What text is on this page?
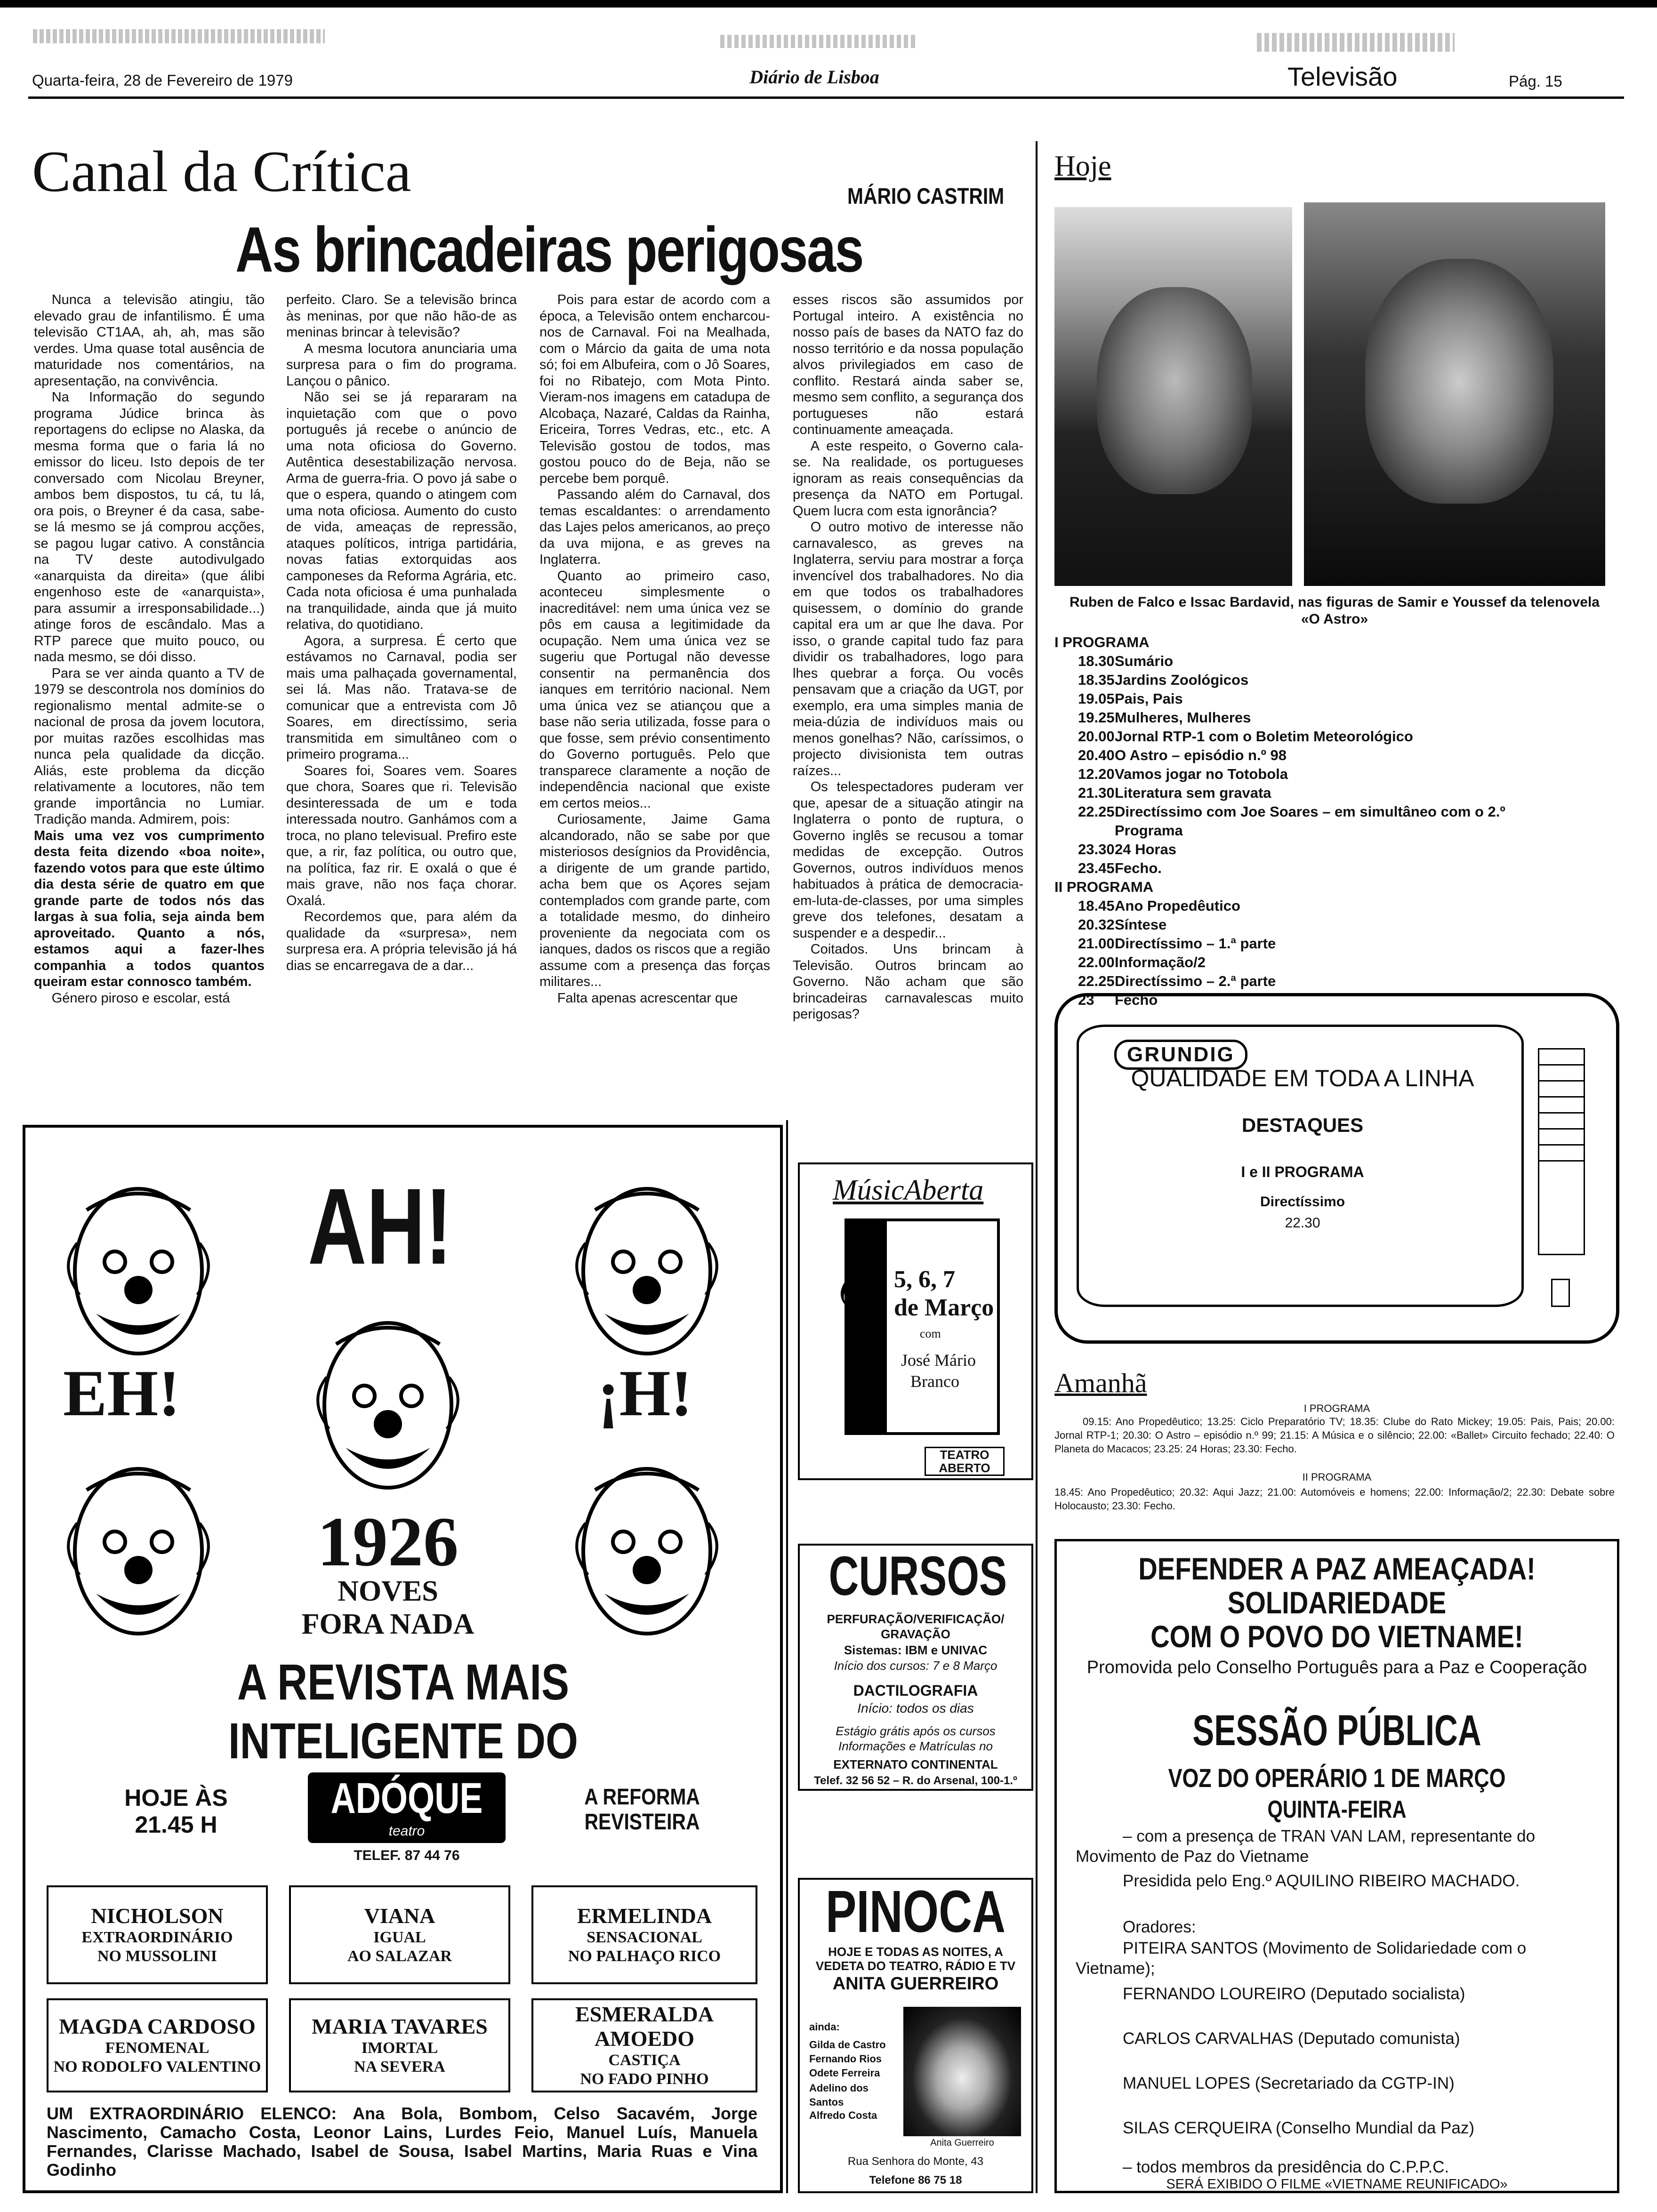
Quarta-feira, 28 de Fevereiro de 1979	Diário de Lisboa	Televisão	Pág. 15
Canal da Crítica	MÁRIO CASTRIM
As brincadeiras perigosas

Nunca a televisão atingiu, tão elevado grau de infantilismo. É uma televisão CT1AA, ah, ah, mas são verdes. Uma quase total ausência de maturidade nos comentários, na apresentação, na convivência.

Na Informação do segundo programa Júdice brinca às reportagens do eclipse no Alaska, da mesma forma que o faria lá no emissor do liceu. Isto depois de ter conversado com Nicolau Breyner, ambos bem dispostos, tu cá, tu lá, ora pois, o Breyner é da casa, sabe-se lá mesmo se já comprou acções, se pagou lugar cativo. A constância na TV deste autodivulgado «anarquista da direita» (que álibi engenhoso este de «anarquista», para assumir a irresponsabilidade...) atinge foros de escândalo. Mas a RTP parece que muito pouco, ou nada mesmo, se dói disso.

Para se ver ainda quanto a TV de 1979 se descontrola nos domínios do regionalismo mental admite-se o nacional de prosa da jovem locutora, por muitas razões escolhidas mas nunca pela qualidade da dicção. Aliás, este problema da dicção relativamente a locutores, não tem grande importância no Lumiar. Tradição manda. Admirem, pois:

Mais uma vez vos cumprimento desta feita dizendo «boa noite», fazendo votos para que este último dia desta série de quatro em que grande parte de todos nós das largas à sua folia, seja ainda bem aproveitado. Quanto a nós, estamos aqui a fazer-lhes companhia a todos quantos queiram estar connosco também.

Género piroso e escolar, está

perfeito. Claro. Se a televisão brinca às meninas, por que não hão-de as meninas brincar à televisão?

A mesma locutora anunciaria uma surpresa para o fim do programa. Lançou o pânico.

Não sei se já repararam na inquietação com que o povo português já recebe o anúncio de uma nota oficiosa do Governo. Autêntica desestabilização nervosa. Arma de guerra-fria. O povo já sabe o que o espera, quando o atingem com uma nota oficiosa. Aumento do custo de vida, ameaças de repressão, ataques políticos, intriga partidária, novas fatias extorquidas aos camponeses da Reforma Agrária, etc. Cada nota oficiosa é uma punhalada na tranquilidade, ainda que já muito relativa, do quotidiano.

Agora, a surpresa. É certo que estávamos no Carnaval, podia ser mais uma palhaçada governamental, sei lá. Mas não. Tratava-se de comunicar que a entrevista com Jô Soares, em directíssimo, seria transmitida em simultâneo com o primeiro programa...

Soares foi, Soares vem. Soares que chora, Soares que ri. Televisão desinteressada de um e toda interessada noutro. Ganhámos com a troca, no plano televisual. Prefiro este que, a rir, faz política, ou outro que, na política, faz rir. E oxalá o que é mais grave, não nos faça chorar. Oxalá.

Recordemos que, para além da qualidade da «surpresa», nem surpresa era. A própria televisão já há dias se encarregava de a dar...

Pois para estar de acordo com a época, a Televisão ontem encharcou-nos de Carnaval. Foi na Mealhada, com o Márcio da gaita de uma nota só; foi em Albufeira, com o Jô Soares, foi no Ribatejo, com Mota Pinto. Vieram-nos imagens em catadupa de Alcobaça, Nazaré, Caldas da Rainha, Ericeira, Torres Vedras, etc., etc. A Televisão gostou de todos, mas gostou pouco do de Beja, não se percebe bem porquê.

Passando além do Carnaval, dos temas escaldantes: o arrendamento das Lajes pelos americanos, ao preço da uva mijona, e as greves na Inglaterra.

Quanto ao primeiro caso, aconteceu simplesmente o inacreditável: nem uma única vez se pôs em causa a legitimidade da ocupação. Nem uma única vez se sugeriu que Portugal não devesse consentir na permanência dos ianques em território nacional. Nem uma única vez se atiançou que a base não seria utilizada, fosse para o que fosse, sem prévio consentimento do Governo português. Pelo que transparece claramente a noção de independência nacional que existe em certos meios...

Curiosamente, Jaime Gama alcandorado, não se sabe por que misteriosos desígnios da Providência, a dirigente de um grande partido, acha bem que os Açores sejam contemplados com grande parte, com a totalidade mesmo, do dinheiro proveniente da negociata com os ianques, dados os riscos que a região assume com a presença das forças militares...

Falta apenas acrescentar que

esses riscos são assumidos por Portugal inteiro. A existência no nosso país de bases da NATO faz do nosso território e da nossa população alvos privilegiados em caso de conflito. Restará ainda saber se, mesmo sem conflito, a segurança dos portugueses não estará continuamente ameaçada.

A este respeito, o Governo cala-se. Na realidade, os portugueses ignoram as reais consequências da presença da NATO em Portugal. Quem lucra com esta ignorância?

O outro motivo de interesse não carnavalesco, as greves na Inglaterra, serviu para mostrar a força invencível dos trabalhadores. No dia em que todos os trabalhadores quisessem, o domínio do grande capital era um ar que lhe dava. Por isso, o grande capital tudo faz para dividir os trabalhadores, logo para lhes quebrar a força. Ou vocês pensavam que a criação da UGT, por exemplo, era uma simples mania de meia-dúzia de indivíduos mais ou menos gonelhas? Não, caríssimos, o projecto divisionista tem outras raízes...

Os telespectadores puderam ver que, apesar de a situação atingir na Inglaterra o ponto de ruptura, o Governo inglês se recusou a tomar medidas de excepção. Outros Governos, outros indivíduos menos habituados à prática de democracia-em-luta-de-classes, por uma simples greve dos telefones, desatam a suspender e a despedir...

Coitados. Uns brincam à Televisão. Outros brincam ao Governo. Não acham que são brincadeiras carnavalescas muito perigosas?

Hoje
Ruben de Falco e Issac Bardavid, nas figuras de Samir e Youssef da telenovela «O Astro»
I PROGRAMA
18.30 Sumário
18.35 Jardins Zoológicos
19.05 Pais, Pais
19.25 Mulheres, Mulheres
20.00 Jornal RTP-1 com o Boletim Meteorológico
20.40 O Astro – episódio n.º 98
12.20 Vamos jogar no Totobola
21.30 Literatura sem gravata
22.25 Directíssimo com Joe Soares – em simultâneo com o 2.º Programa
23.30 24 Horas
23.45 Fecho.
II PROGRAMA
18.45 Ano Propedêutico
20.32 Síntese
21.00 Directíssimo – 1.ª parte
22.00 Informação/2
22.25 Directíssimo – 2.ª parte
23	Fecho
GRUNDIG
QUALIDADE EM TODA A LINHA
DESTAQUES
I e II PROGRAMA
Directíssimo
22.30
Amanhã
I PROGRAMA
09.15: Ano Propedêutico; 13.25: Ciclo Preparatório TV; 18.35: Clube do Rato Mickey; 19.05: Pais, Pais; 20.00: Jornal RTP-1; 20.30: O Astro – episódio n.º 99; 21.15: A Música e o silêncio; 22.00: «Ballet» Circuito fechado; 22.40: O Planeta do Macacos; 23.25: 24 Horas; 23.30: Fecho.
II PROGRAMA
18.45: Ano Propedêutico; 20.32: Aqui Jazz; 21.00: Automóveis e homens; 22.00: Informação/2; 22.30: Debate sobre Holocausto; 23.30: Fecho.
DEFENDER A PAZ AMEAÇADA!
SOLIDARIEDADE
COM O POVO DO VIETNAME!
Promovida pelo Conselho Português para a Paz e Cooperação
SESSÃO PÚBLICA
VOZ DO OPERÁRIO 1 DE MARÇO
QUINTA-FEIRA
– com a presença de TRAN VAN LAM, representante do Movimento de Paz do Vietname
Presidida pelo Eng.º AQUILINO RIBEIRO MACHADO.
Oradores:
PITEIRA SANTOS (Movimento de Solidariedade com o Vietname);
FERNANDO LOUREIRO (Deputado socialista)
CARLOS CARVALHAS (Deputado comunista)
MANUEL LOPES (Secretariado da CGTP-IN)
SILAS CERQUEIRA (Conselho Mundial da Paz)
– todos membros da presidência do C.P.P.C.
SERÁ EXIBIDO O FILME «VIETNAME REUNIFICADO»
AH!
EH!	¡H!
1926
NOVES
FORA NADA
A REVISTA MAIS
INTELIGENTE DO
HOJE ÀS
21.45 H
ADÓQUE
teatro
TELEF. 87 44 76
A REFORMA
REVISTEIRA
NICHOLSON
EXTRAORDINÁRIO
NO MUSSOLINI
VIANA
IGUAL
AO SALAZAR
ERMELINDA
SENSACIONAL
NO PALHAÇO RICO
MAGDA CARDOSO
FENOMENAL
NO RODOLFO VALENTINO
MARIA TAVARES
IMORTAL
NA SEVERA
ESMERALDA AMOEDO
CASTIÇA
NO FADO PINHO
UM EXTRAORDINÁRIO ELENCO: Ana Bola, Bombom, Celso Sacavém, Jorge Nascimento, Camacho Costa, Leonor Lains, Lurdes Feio, Manuel Luís, Manuela Fernandes, Clarisse Machado, Isabel de Sousa, Isabel Martins, Maria Ruas e Vina Godinho
MúsicAberta
𝄞 5, 6, 7
de Março
com
José Mário
Branco
TEATRO ABERTO
CURSOS
PERFURAÇÃO/VERIFICAÇÃO/ GRAVAÇÃO
Sistemas: IBM e UNIVAC
Início dos cursos: 7 e 8 Março
DACTILOGRAFIA
Início: todos os dias
Estágio grátis após os cursos Informações e Matrículas no
EXTERNATO CONTINENTAL
Telef. 32 56 52 – R. do Arsenal, 100-1.º
PINOCA
HOJE E TODAS AS NOITES, A VEDETA DO TEATRO, RÁDIO E TV
ANITA GUERREIRO
ainda:
Gilda de Castro
Fernando Rios
Odete Ferreira
Adelino dos Santos
Alfredo Costa
Anita Guerreiro
Rua Senhora do Monte, 43
Telefone 86 75 18
